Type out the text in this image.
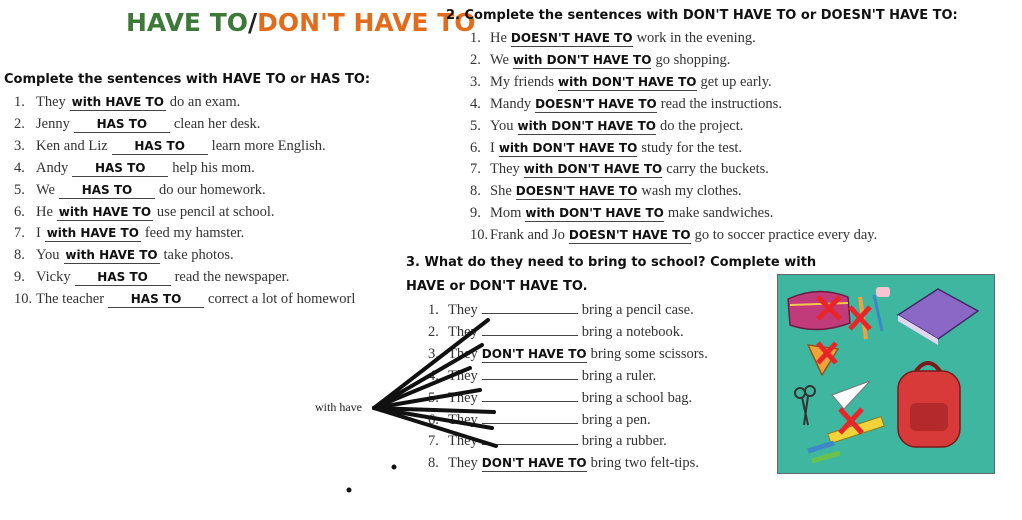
HAVE TO/DON'T HAVE TO
Complete the sentences with HAVE TO or HAS TO:
1. They with HAVE TO do an exam.
2. Jenny HAS TO clean her desk.
3. Ken and Liz HAS TO learn more English.
4. Andy HAS TO help his mom.
5. We HAS TO do our homework.
6. He with HAVE TO use pencil at school.
7. I with HAVE TO feed my hamster.
8. You with HAVE TO take photos.
9. Vicky HAS TO read the newspaper.
10. The teacher HAS TO correct a lot of homeworl
2. Complete the sentences with DON'T HAVE TO or DOESN'T HAVE TO:
1. He DOESN'T HAVE TO work in the evening.
2. We with DON'T HAVE TO go shopping.
3. My friends with DON'T HAVE TO get up early.
4. Mandy DOESN'T HAVE TO read the instructions.
5. You with DON'T HAVE TO do the project.
6. I with DON'T HAVE TO study for the test.
7. They with DON'T HAVE TO carry the buckets.
8. She DOESN'T HAVE TO wash my clothes.
9. Mom with DON'T HAVE TO make sandwiches.
10. Frank and Jo DOESN'T HAVE TO go to soccer practice every day.
3. What do they need to bring to school? Complete with
HAVE or DON'T HAVE TO.
1. They	bring a pencil case.
2. They	bring a notebook.
3. They DON'T HAVE TO bring some scissors.
4. They	bring a ruler.
5. They	bring a school bag.
6. They	bring a pen.
7. They	bring a rubber.
8. They DON'T HAVE TO bring two felt-tips.
with have
